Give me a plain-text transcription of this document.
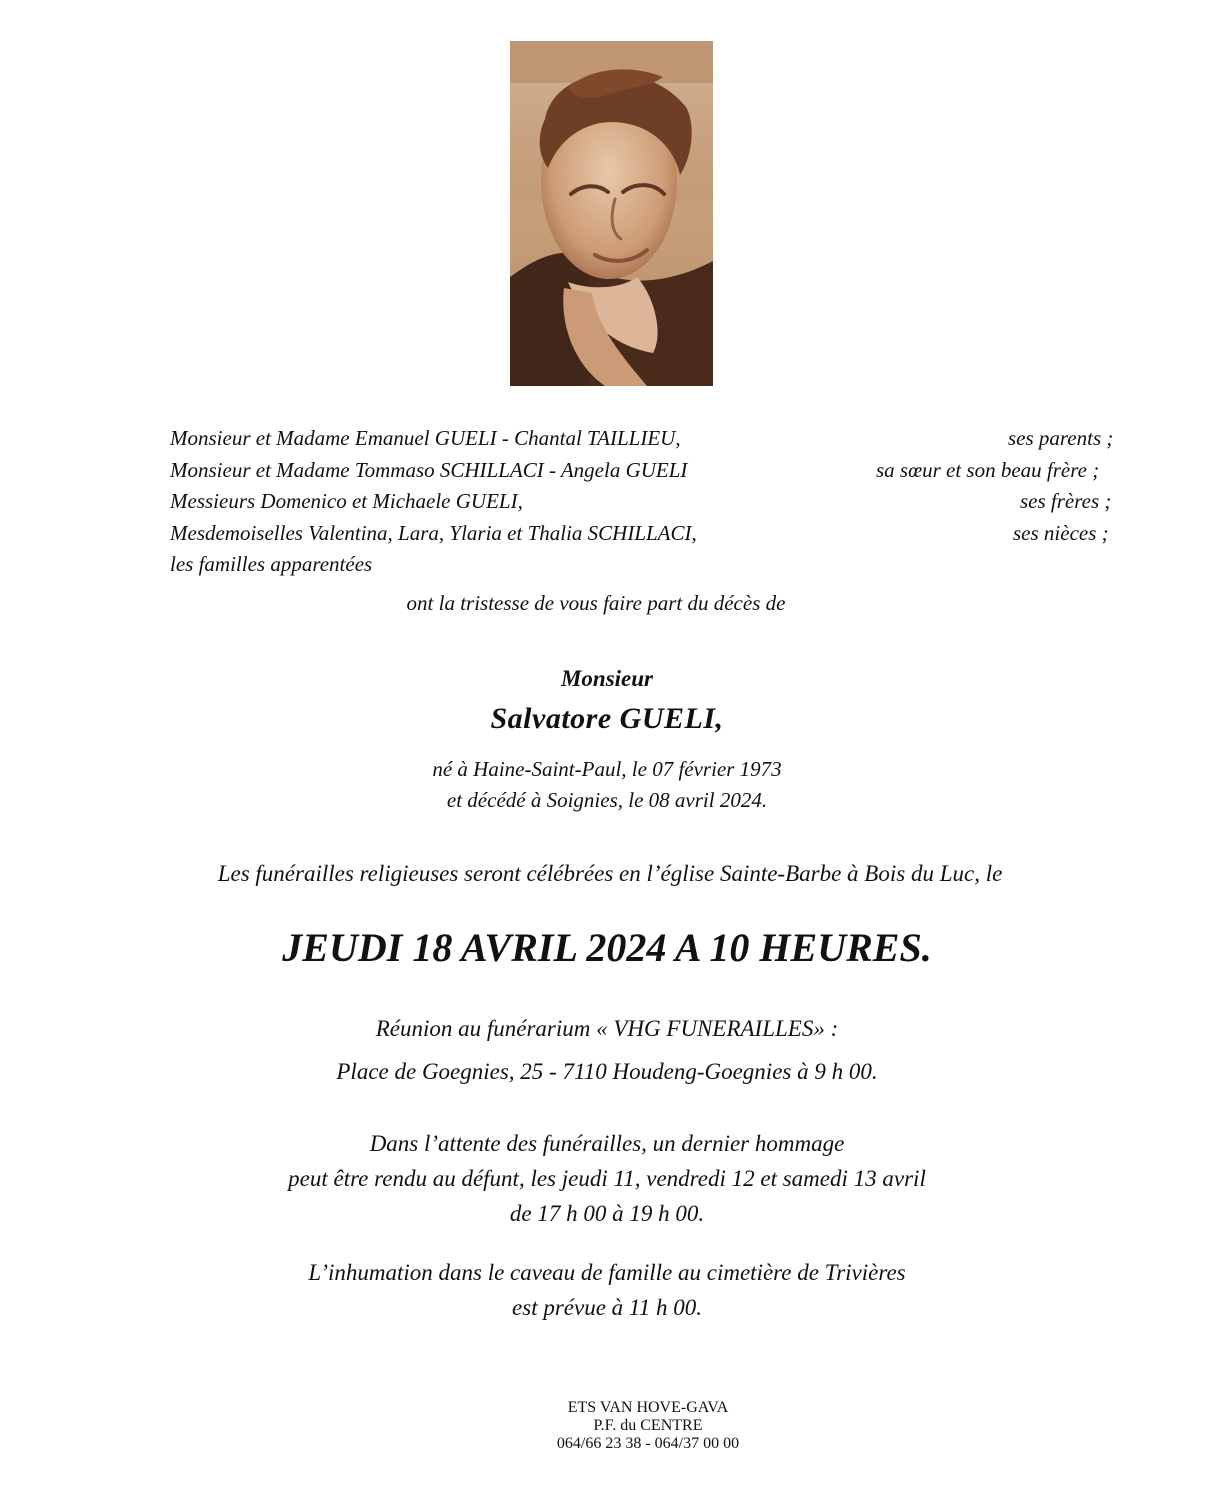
Monsieur et Madame Emanuel GUELI - Chantal TAILLIEU,	ses parents ;
Monsieur et Madame Tommaso SCHILLACI - Angela GUELI	sa sœur et son beau frère ;
Messieurs Domenico et Michaele GUELI,	ses frères ;
Mesdemoiselles Valentina, Lara, Ylaria et Thalia SCHILLACI,	ses nièces ;
les familles apparentées
ont la tristesse de vous faire part du décès de
Monsieur
Salvatore GUELI,
né à Haine-Saint-Paul, le 07 février 1973
et décédé à Soignies, le 08 avril 2024.
Les funérailles religieuses seront célébrées en l’église Sainte-Barbe à Bois du Luc, le
JEUDI 18 AVRIL 2024 A 10 HEURES.
Réunion au funérarium « VHG FUNERAILLES» :
Place de Goegnies, 25 - 7110 Houdeng-Goegnies à 9 h 00.
Dans l’attente des funérailles, un dernier hommage
peut être rendu au défunt, les jeudi 11, vendredi 12 et samedi 13 avril
de 17 h 00 à 19 h 00.
L’inhumation dans le caveau de famille au cimetière de Trivières
est prévue à 11 h 00.
ETS VAN HOVE-GAVA
P.F. du CENTRE
064/66 23 38 - 064/37 00 00
